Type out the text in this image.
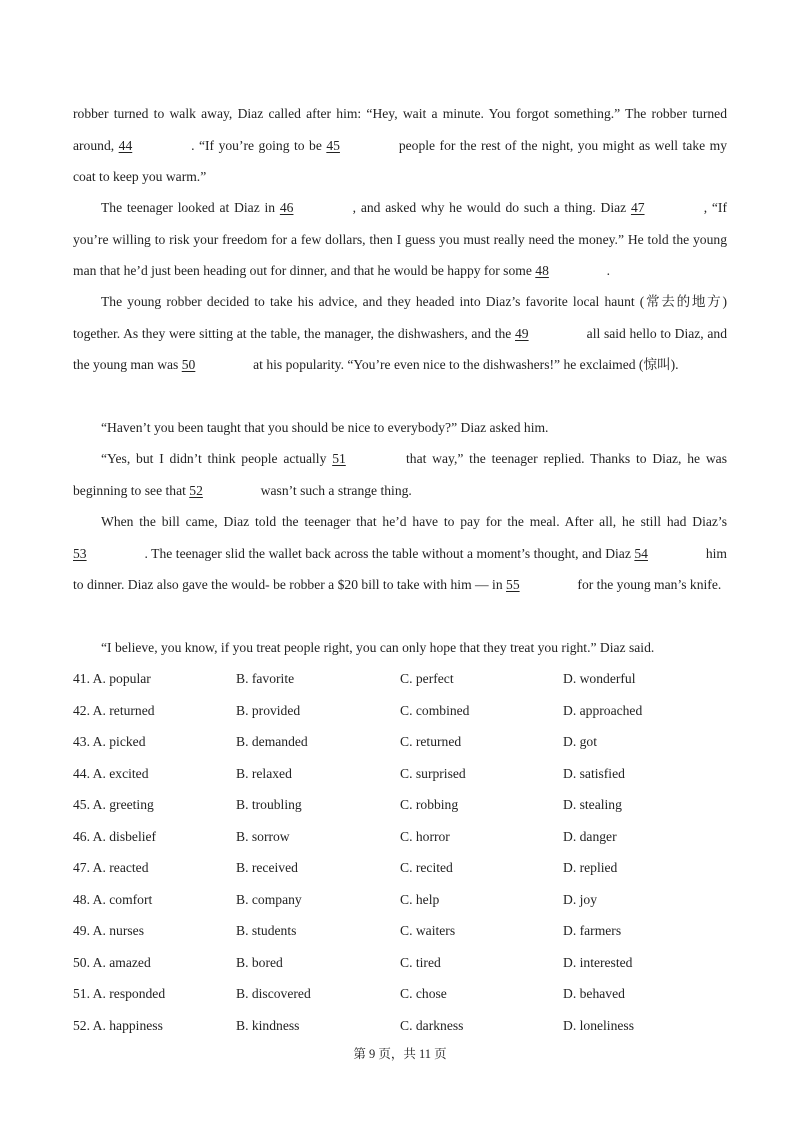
robber turned to walk away, Diaz called after him: “Hey, wait a minute. You forgot something.” The robber turned around, 44	. “If you’re going to be 45	people for the rest of the night, you might as well take my coat to keep you warm.”

The teenager looked at Diaz in 46	, and asked why he would do such a thing. Diaz 47	, “If you’re willing to risk your freedom for a few dollars, then I guess you must really need the money.” He told the young man that he’d just been heading out for dinner, and that he would be happy for some 48	.

The young robber decided to take his advice, and they headed into Diaz’s favorite local haunt (常去的地方) together. As they were sitting at the table, the manager, the dishwashers, and the 49	all said hello to Diaz, and the young man was 50	at his popularity. “You’re even nice to the dishwashers!” he exclaimed (惊叫).

“Haven’t you been taught that you should be nice to everybody?” Diaz asked him.

“Yes, but I didn’t think people actually 51	that way,” the teenager replied. Thanks to Diaz, he was beginning to see that 52	wasn’t such a strange thing.

When the bill came, Diaz told the teenager that he’d have to pay for the meal. After all, he still had Diaz’s 53	. The teenager slid the wallet back across the table without a moment’s thought, and Diaz 54	him to dinner. Diaz also gave the would- be robber a $20 bill to take with him — in 55	for the young man’s knife.

“I believe, you know, if you treat people right, you can only hope that they treat you right.” Diaz said.

41. A. popular	B. favorite	C. perfect	D. wonderful
42. A. returned	B. provided	C. combined	D. approached
43. A. picked	B. demanded	C. returned	D. got
44. A. excited	B. relaxed	C. surprised	D. satisfied
45. A. greeting	B. troubling	C. robbing	D. stealing
46. A. disbelief	B. sorrow	C. horror	D. danger
47. A. reacted	B. received	C. recited	D. replied
48. A. comfort	B. company	C. help	D. joy
49. A. nurses	B. students	C. waiters	D. farmers
50. A. amazed	B. bored	C. tired	D. interested
51. A. responded	B. discovered	C. chose	D. behaved
52. A. happiness	B. kindness	C. darkness	D. loneliness
第 9 页，共 11 页
